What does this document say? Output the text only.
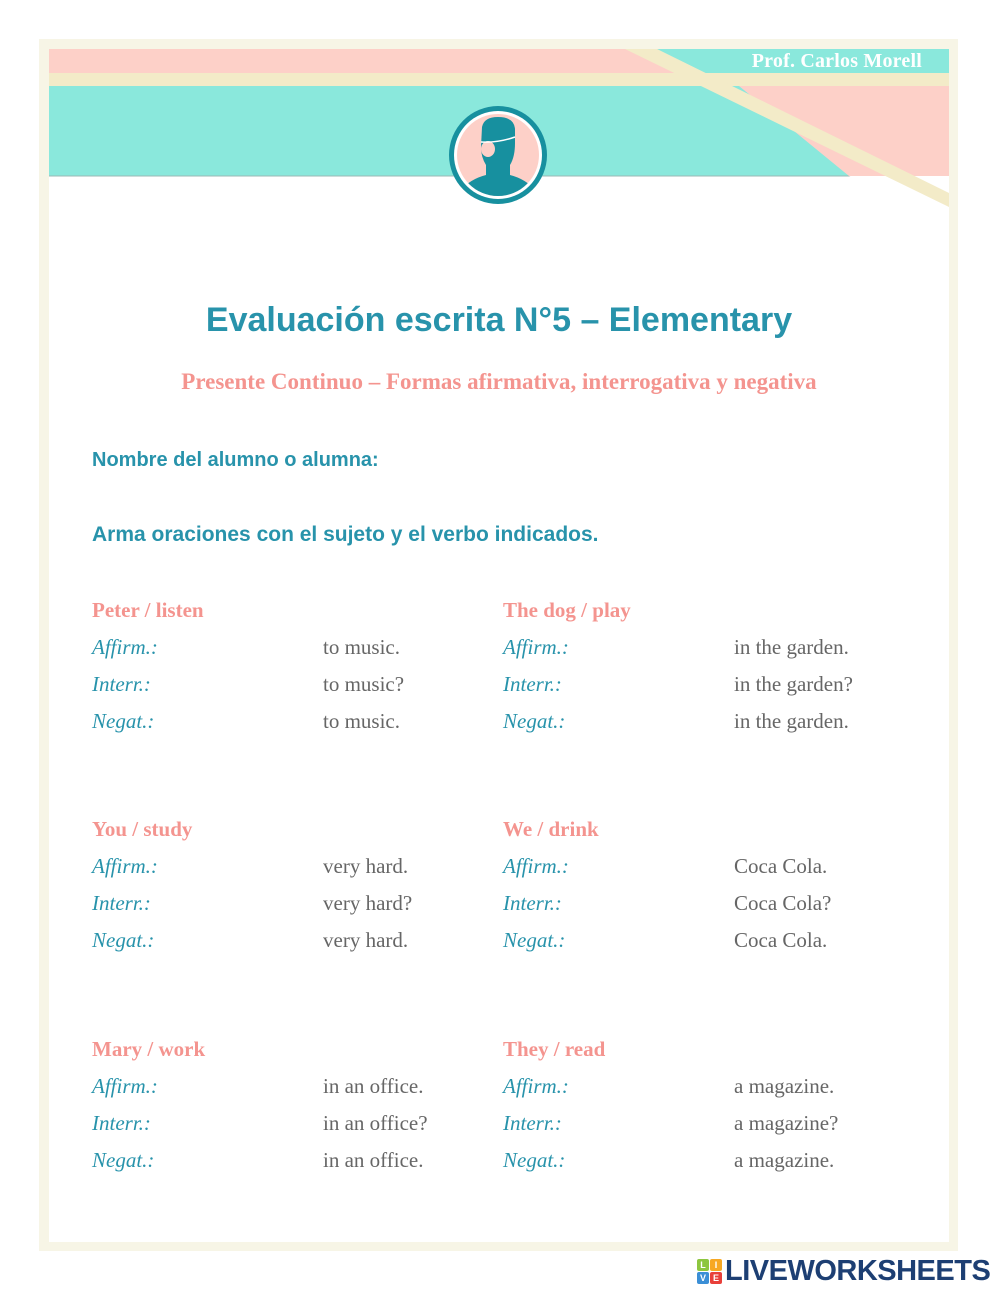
Prof. Carlos Morell
Evaluación escrita N°5 – Elementary
Presente Continuo – Formas afirmativa, interrogativa y negativa
Nombre del alumno o alumna:
Arma oraciones con el sujeto y el verbo indicados.
Peter / listen
Affirm.:	to music.
Interr.:	to music?
Negat.:	to music.
The dog / play
Affirm.:	in the garden.
Interr.:	in the garden?
Negat.:	in the garden.
You / study
Affirm.:	very hard.
Interr.:	very hard?
Negat.:	very hard.
We / drink
Affirm.:	Coca Cola.
Interr.:	Coca Cola?
Negat.:	Coca Cola.
Mary / work
Affirm.:	in an office.
Interr.:	in an office?
Negat.:	in an office.
They / read
Affirm.:	a magazine.
Interr.:	a magazine?
Negat.:	a magazine.
L I
V E LIVEWORKSHEETS
